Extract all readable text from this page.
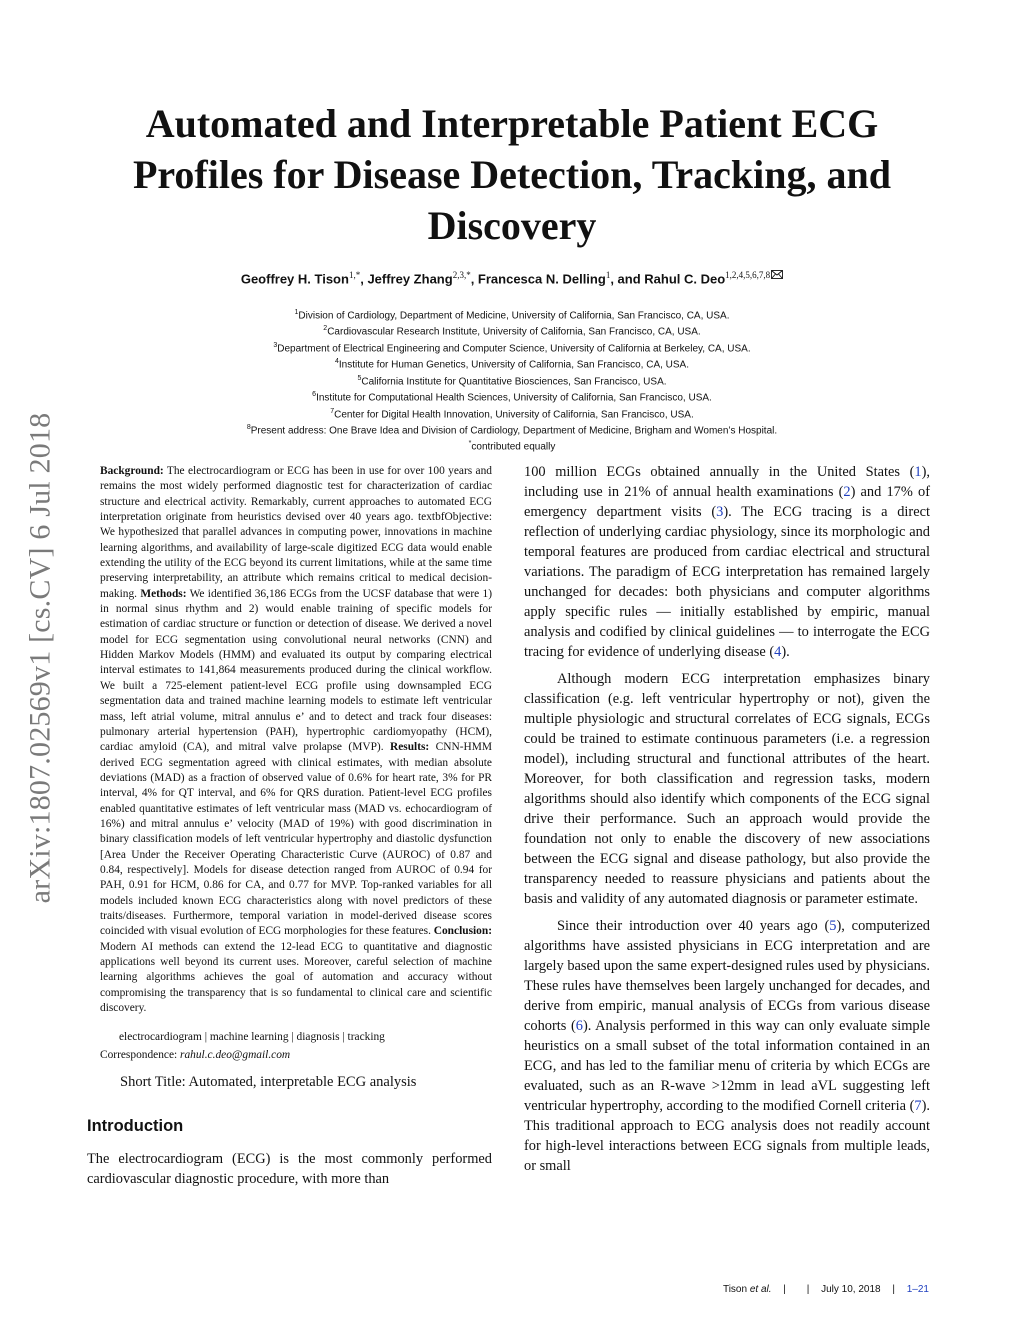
arXiv:1807.02569v1 [cs.CV] 6 Jul 2018
Automated and Interpretable Patient ECG
Profiles for Disease Detection, Tracking, and
Discovery
Geoffrey H. Tison$^{1,*}$, Jeffrey Zhang$^{2,3,*}$, Francesca N. Delling$^1$, and Rahul C. Deo$^{1,2,4,5,6,7,8}$
$^1$Division of Cardiology, Department of Medicine, University of California, San Francisco, CA, USA.
$^2$Cardiovascular Research Institute, University of California, San Francisco, CA, USA.
$^3$Department of Electrical Engineering and Computer Science, University of California at Berkeley, CA, USA.
$^4$Institute for Human Genetics, University of California, San Francisco, CA, USA.
$^5$California Institute for Quantitative Biosciences, San Francisco, USA.
$^6$Institute for Computational Health Sciences, University of California, San Francisco, USA.
$^7$Center for Digital Health Innovation, University of California, San Francisco, USA.
$^8$Present address: One Brave Idea and Division of Cardiology, Department of Medicine, Brigham and Women’s Hospital.
*contributed equally

Background: The electrocardiogram or ECG has been in use for over 100 years and remains the most widely performed diagnostic test for characterization of cardiac structure and electrical activity. Remarkably, current approaches to automated ECG interpretation originate from heuristics devised over 40 years ago. textbfObjective: We hypothesized that parallel advances in computing power, innovations in machine learning algorithms, and availability of large-scale digitized ECG data would enable extending the utility of the ECG beyond its current limitations, while at the same time preserving interpretability, an attribute which remains critical to medical decision-making. Methods: We identified 36,186 ECGs from the UCSF database that were 1) in normal sinus rhythm and 2) would enable training of specific models for estimation of cardiac structure or function or detection of disease. We derived a novel model for ECG segmentation using convolutional neural networks (CNN) and Hidden Markov Models (HMM) and evaluated its output by comparing electrical interval estimates to 141,864 measurements produced during the clinical workflow. We built a 725-element patient-level ECG profile using downsampled ECG segmentation data and trained machine learning models to estimate left ventricular mass, left atrial volume, mitral annulus e’ and to detect and track four diseases: pulmonary arterial hypertension (PAH), hypertrophic cardiomyopathy (HCM), cardiac amyloid (CA), and mitral valve prolapse (MVP). Results: CNN-HMM derived ECG segmentation agreed with clinical estimates, with median absolute deviations (MAD) as a fraction of observed value of 0.6% for heart rate, 3% for PR interval, 4% for QT interval, and 6% for QRS duration. Patient-level ECG profiles enabled quantitative estimates of left ventricular mass (MAD vs. echocardiogram of 16%) and mitral annulus e’ velocity (MAD of 19%) with good discrimination in binary classification models of left ventricular hypertrophy and diastolic dysfunction [Area Under the Receiver Operating Characteristic Curve (AUROC) of 0.87 and 0.84, respectively]. Models for disease detection ranged from AUROC of 0.94 for PAH, 0.91 for HCM, 0.86 for CA, and 0.77 for MVP. Top-ranked variables for all models included known ECG characteristics along with novel predictors of these traits/diseases. Furthermore, temporal variation in model-derived disease scores coincided with visual evolution of ECG morphologies for these features. Conclusion: Modern AI methods can extend the 12-lead ECG to quantitative and diagnostic applications well beyond its current uses. Moreover, careful selection of machine learning algorithms achieves the goal of automation and accuracy without compromising the transparency that is so fundamental to clinical care and scientific discovery.

electrocardiogram | machine learning | diagnosis | tracking
Correspondence: rahul.c.deo@gmail.com
Short Title: Automated, interpretable ECG analysis
Introduction

The electrocardiogram (ECG) is the most commonly performed cardiovascular diagnostic procedure, with more than

100 million ECGs obtained annually in the United States (1), including use in 21% of annual health examinations (2) and 17% of emergency department visits (3). The ECG tracing is a direct reflection of underlying cardiac physiology, since its morphologic and temporal features are produced from cardiac electrical and structural variations. The paradigm of ECG interpretation has remained largely unchanged for decades: both physicians and computer algorithms apply specific rules — initially established by empiric, manual analysis and codified by clinical guidelines — to interrogate the ECG tracing for evidence of underlying disease (4).

Although modern ECG interpretation emphasizes binary classification (e.g. left ventricular hypertrophy or not), given the multiple physiologic and structural correlates of ECG signals, ECGs could be trained to estimate continuous parameters (i.e. a regression model), including structural and functional attributes of the heart. Moreover, for both classification and regression tasks, modern algorithms should also identify which components of the ECG signal drive their performance. Such an approach would provide the foundation not only to enable the discovery of new associations between the ECG signal and disease pathology, but also provide the transparency needed to reassure physicians and patients about the basis and validity of any automated diagnosis or parameter estimate.

Since their introduction over 40 years ago (5), computerized algorithms have assisted physicians in ECG interpretation and are largely based upon the same expert-designed rules used by physicians. These rules have themselves been largely unchanged for decades, and derive from empiric, manual analysis of ECGs from various disease cohorts (6). Analysis performed in this way can only evaluate simple heuristics on a small subset of the total information contained in an ECG, and has led to the familiar menu of criteria by which ECGs are evaluated, such as an R-wave >12mm in lead aVL suggesting left ventricular hypertrophy, according to the modified Cornell criteria (7). This traditional approach to ECG analysis does not readily account for high-level interactions between ECG signals from multiple leads, or small

Tison et al. | | July 10, 2018 | 1–21
